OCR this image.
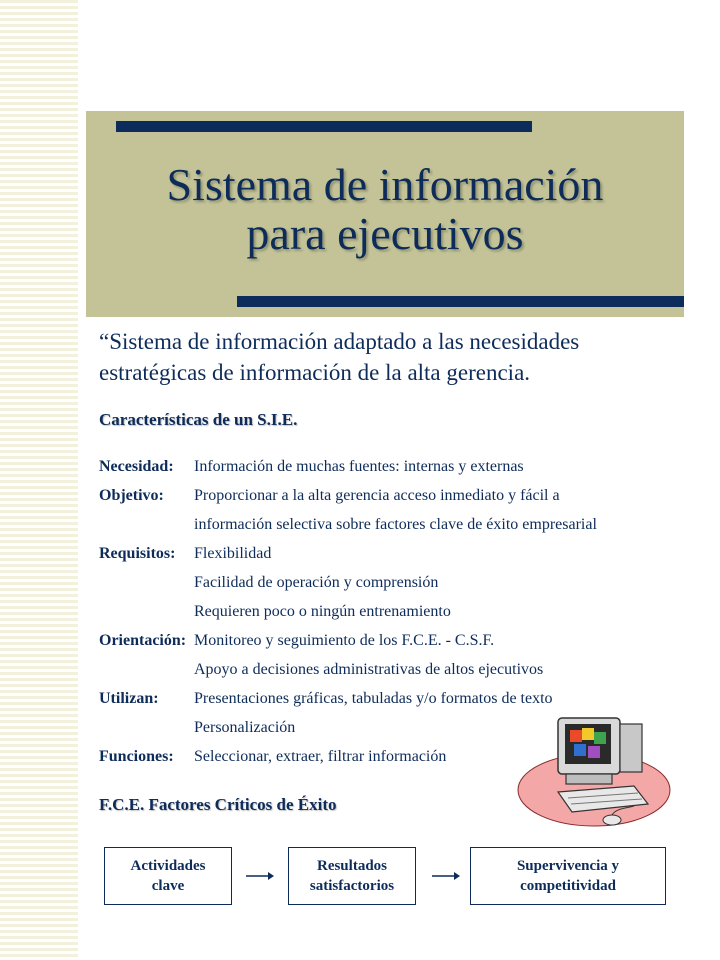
Sistema de información
para ejecutivos

“Sistema de información adaptado a las necesidades
estratégicas de información de la alta gerencia.

Características de un S.I.E.
Necesidad:	Información de muchas fuentes: internas y externas
Objetivo:	Proporcionar a la alta gerencia acceso inmediato y fácil a
información selectiva sobre factores clave de éxito empresarial
Requisitos:	Flexibilidad
Facilidad de operación y comprensión
Requieren poco o ningún entrenamiento
Orientación: Monitoreo y seguimiento de los F.C.E. - C.S.F.
Apoyo a decisiones administrativas de altos ejecutivos
Utilizan:	Presentaciones gráficas, tabuladas y/o formatos de texto
Personalización
Funciones:	Seleccionar, extraer, filtrar información
F.C.E. Factores Críticos de Éxito
Actividades
clave
Resultados
satisfactorios
Supervivencia y
competitividad
